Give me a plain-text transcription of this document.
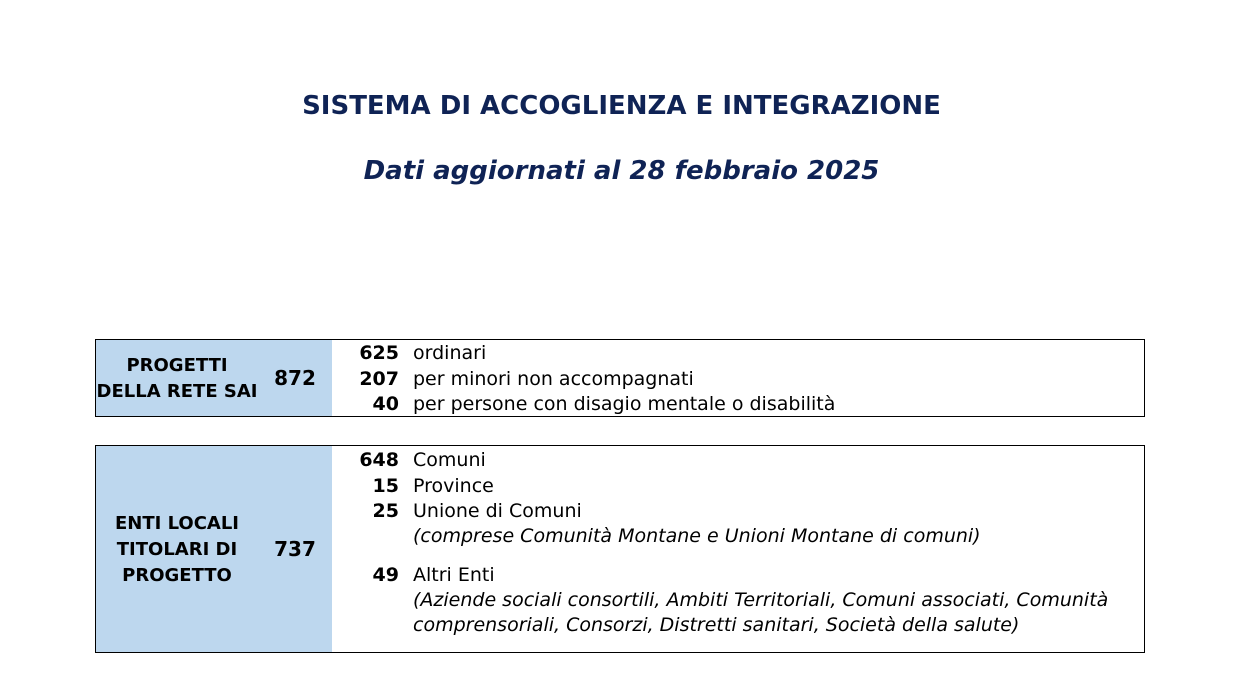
SISTEMA DI ACCOGLIENZA E INTEGRAZIONE
Dati aggiornati al 28 febbraio 2025
PROGETTI
DELLA RETE SAI
872
625 ordinari
207 per minori non accompagnati
40 per persone con disagio mentale o disabilità
ENTI LOCALI
TITOLARI DI
PROGETTO
737
648 Comuni
15 Province
25 Unione di Comuni
(comprese Comunità Montane e Unioni Montane di comuni)
49 Altri Enti
(Aziende sociali consortili, Ambiti Territoriali, Comuni associati, Comunità
comprensoriali, Consorzi, Distretti sanitari, Società della salute)
